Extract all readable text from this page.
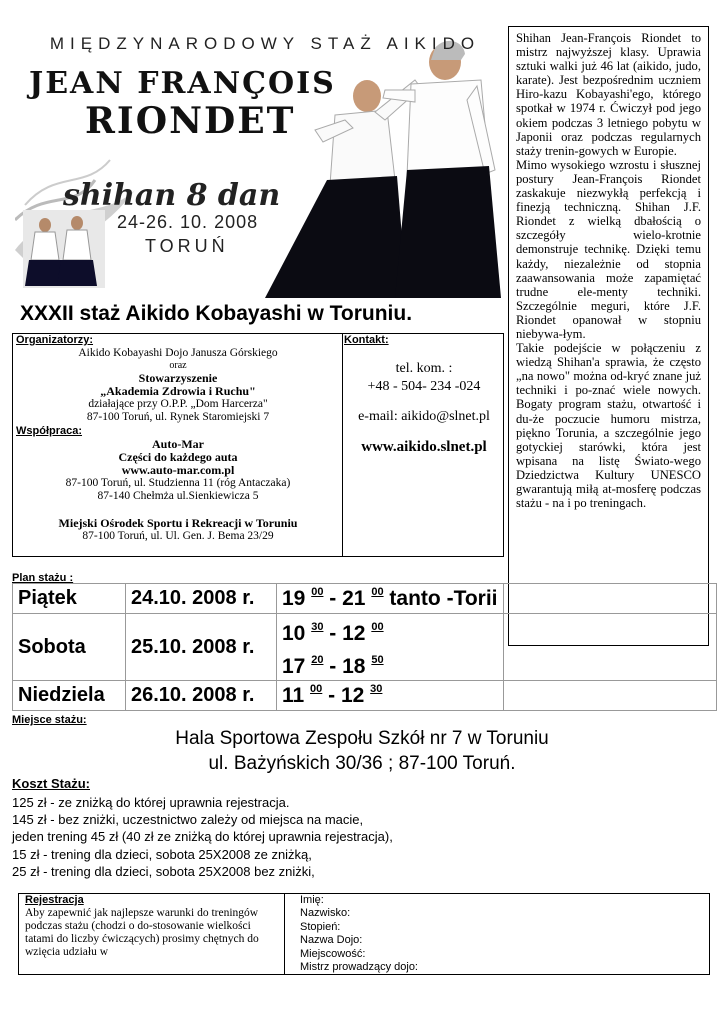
MIĘDZYNARODOWY STAŻ AIKIDO
JEAN FRANÇOIS
RIONDET
shihan 8 dan
24-26. 10. 2008
TORUŃ

Shihan Jean-François Riondet to mistrz najwyższej klasy. Uprawia sztuki walki już 46 lat (aikido, judo, karate). Jest bezpośrednim uczniem Hiro-kazu Kobayashi'ego, którego spotkał w 1974 r. Ćwiczył pod jego okiem podczas 3 letniego pobytu w Japonii oraz podczas regularnych staży trenin-gowych w Europie.

Mimo wysokiego wzrostu i słusznej postury Jean-François Riondet zaskakuje niezwykłą perfekcją i finezją techniczną. Shihan J.F. Riondet z wielką dbałością o szczegóły wielo-krotnie demonstruje technikę. Dzięki temu każdy, niezależnie od stopnia zaawansowania może zapamiętać trudne ele-menty techniki. Szczególnie meguri, które J.F. Riondet opanował w stopniu niebywa-łym.

Takie podejście w połączeniu z wiedzą Shihan'a sprawia, że często „na nowo" można od-kryć znane już techniki i po-znać wiele nowych. Bogaty program stażu, otwartość i du-że poczucie humoru mistrza, piękno Torunia, a szczególnie jego gotyckiej starówki, która jest wpisana na listę Świato-wego Dziedzictwa Kultury UNESCO gwarantują miłą at-mosferę podczas stażu - na i po treningach.

XXXII staż Aikido Kobayashi w Toruniu.
Organizatorzy:
Aikido Kobayashi Dojo Janusza Górskiego
oraz
Stowarzyszenie
„Akademia Zdrowia i Ruchu"
działające przy O.P.P. „Dom Harcerza"
87-100 Toruń, ul. Rynek Staromiejski 7
Współpraca:
Auto-Mar
Części do każdego auta
www.auto-mar.com.pl
87-100 Toruń, ul. Studzienna 11 (róg Antaczaka)
87-140 Chełmża ul.Sienkiewicza 5
Miejski Ośrodek Sportu i Rekreacji w Toruniu
87-100 Toruń, ul. Ul. Gen. J. Bema 23/29
Kontakt:
tel. kom. :
+48 - 504- 234 -024
e-mail: aikido@slnet.pl
www.aikido.slnet.pl
Plan stażu :
Piątek	24.10. 2008 r.	19 $^{00}$ - 21 $^{00}$ tanto -Torii	
Sobota	25.10. 2008 r.	10 $^{30}$ - 12 $^{00}$
17 $^{20}$ - 18 $^{50}$

Niedziela	26.10. 2008 r.	11 $^{00}$ - 12 $^{30}$	
Miejsce stażu:
Hala Sportowa Zespołu Szkół nr 7 w Toruniu
ul. Bażyńskich 30/36 ; 87-100 Toruń.
Koszt Stażu:
125 zł - ze zniżką do której uprawnia rejestracja.
145 zł - bez zniżki, uczestnictwo zależy od miejsca na macie,
jeden trening 45 zł (40 zł ze zniżką do której uprawnia rejestracja),
15 zł - trening dla dzieci, sobota 25X2008 ze zniżką,
25 zł - trening dla dzieci, sobota 25X2008 bez zniżki,
Rejestracja
Aby zapewnić jak najlepsze warunki do treningów podczas stażu (chodzi o do-stosowanie wielkości tatami do liczby ćwiczących) prosimy chętnych do wzięcia udziału w
Imię:
Nazwisko:
Stopień:
Nazwa Dojo:
Miejscowość:
Mistrz prowadzący dojo:
